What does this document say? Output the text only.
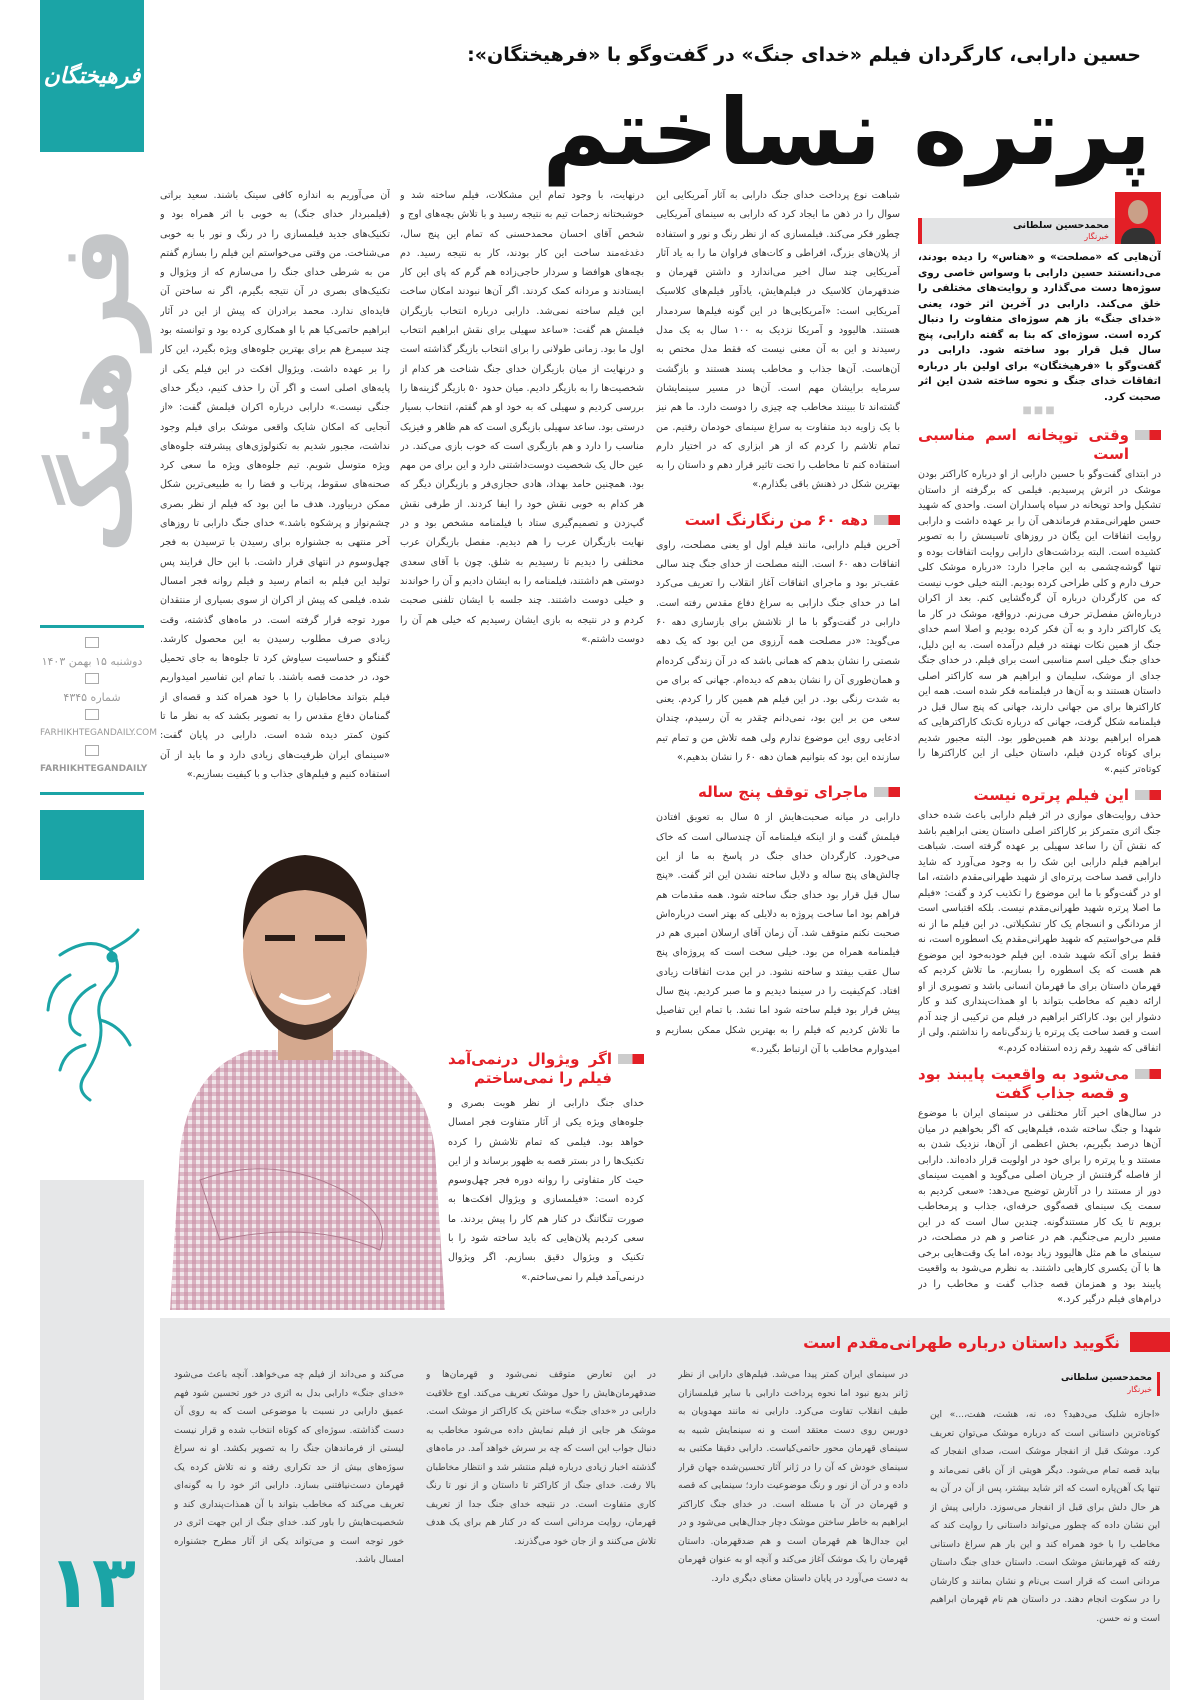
فرهیختگان
فرهنگ
دوشنبه ۱۵ بهمن ۱۴۰۳
شماره ۴۳۴۵
FARHIKHTEGANDAILY.COM
FARHIKHTEGANDAILY
۱۳
حسین دارابی، کارگردان فیلم «خدای جنگ» در گفت‌وگو با «فرهیختگان»:
پرتره نساختم
محمدحسین سلطانی
خبرنگار

آن‌هایی که «مصلحت» و «هناس» را دیده بودند، می‌دانستند حسین دارابی با وسواس خاصی روی سوژه‌ها دست می‌گذارد و روایت‌های مختلفی را خلق می‌کند. دارابی در آخرین اثر خود، یعنی «خدای جنگ» باز هم سوژه‌ای متفاوت را دنبال کرده است. سوژه‌ای که بنا به گفته دارابی، پنج سال قبل قرار بود ساخته شود. دارابی در گفت‌وگو با «فرهیختگان» برای اولین بار درباره اتفاقات خدای جنگ و نحوه ساخته شدن این اثر صحبت کرد.

■■■
وقتی توپخانه اسم مناسبی است

در ابتدای گفت‌وگو با حسین دارابی از او درباره کاراکتر بودن موشک در اثرش پرسیدیم. فیلمی که برگرفته از داستان تشکیل واحد توپخانه در سپاه پاسداران است. واحدی که شهید حسن طهرانی‌مقدم فرماندهی آن را بر عهده داشت و دارابی روایت اتفاقات این یگان در روزهای تاسیسش را به تصویر کشیده است. البته برداشت‌های دارابی روایت اتفاقات بوده و تنها گوشه‌چشمی به این ماجرا دارد: «درباره موشک کلی حرف دارم و کلی طراحی کرده بودیم. البته خیلی خوب نیست که من کارگردان درباره آن گره‌گشایی کنم. بعد از اکران درباره‌اش مفصل‌تر حرف می‌زنم. درواقع، موشک در کار ما یک کاراکتر دارد و به آن فکر کرده بودیم و اصلا اسم خدای جنگ از همین نکات نهفته در فیلم درآمده است. به این دلیل، خدای جنگ خیلی اسم مناسبی است برای فیلم. در خدای جنگ جدای از موشک، سلیمان و ابراهیم هر سه کاراکتر اصلی داستان هستند و به آن‌ها در فیلمنامه فکر شده است. همه این کاراکترها برای من جهانی دارند، جهانی که پنج سال قبل در فیلمنامه شکل گرفت، جهانی که درباره تک‌تک کاراکترهایی که همراه ابراهیم بودند هم همین‌طور بود. البته مجبور شدیم برای کوتاه کردن فیلم، داستان خیلی از این کاراکترها را کوتاه‌تر کنیم.»

این فیلم پرتره نیست

حذف روایت‌های موازی در اثر فیلم دارابی باعث شده خدای جنگ اثری متمرکز بر کاراکتر اصلی داستان یعنی ابراهیم باشد که نقش آن را ساعد سهیلی بر عهده گرفته است. شباهت ابراهیم فیلم دارابی این شک را به وجود می‌آورد که شاید دارابی قصد ساخت پرتره‌ای از شهید طهرانی‌مقدم داشته، اما او در گفت‌وگو با ما این موضوع را تکذیب کرد و گفت: «فیلم ما اصلا پرتره شهید طهرانی‌مقدم نیست. بلکه اقتباسی است از مردانگی و انسجام یک کار تشکیلاتی. در این فیلم ما از نه قلم می‌خواستیم که شهید طهرانی‌مقدم یک اسطوره است، نه فقط برای آنکه شهید شده. این فیلم خودبه‌خود این موضوع هم هست که یک اسطوره را بسازیم. ما تلاش کردیم که قهرمان داستان برای ما قهرمان انسانی باشد و تصویری از او ارائه دهیم که مخاطب بتواند با او همذات‌پنداری کند و کار دشوار این بود. کاراکتر ابراهیم در فیلم من ترکیبی از چند آدم است و قصد ساخت یک پرتره یا زندگی‌نامه را نداشتم. ولی از اتفاقی که شهید رقم زده استفاده کردم.»

می‌شود به واقعیت پایبند بود و قصه جذاب گفت

در سال‌های اخیر آثار مختلفی در سینمای ایران با موضوع شهدا و جنگ ساخته شده، فیلم‌هایی که اگر بخواهیم در میان آن‌ها درصد بگیریم، بخش اعظمی از آن‌ها، نزدیک شدن به مستند و یا پرتره را برای خود در اولویت قرار داده‌اند. دارابی از فاصله گرفتنش از جریان اصلی می‌گوید و اهمیت سینمای دور از مستند را در آثارش توضیح می‌دهد: «سعی کردیم به سمت یک سینمای قصه‌گوی حرفه‌ای، جذاب و پرمخاطب برویم تا یک کار مستندگونه. چندین سال است که در این مسیر داریم می‌جنگیم. هم در عناصر و هم در مصلحت، در سینمای ما هم مثل هالیوود زیاد بوده، اما یک وقت‌هایی برخی ها با آن یکسری کارهایی داشتند. به نظرم می‌شود به واقعیت پایبند بود و همزمان قصه جذاب گفت و مخاطب را در درام‌های فیلم درگیر کرد.»

شباهت نوع پرداخت خدای جنگ دارابی به آثار آمریکایی این سوال را در ذهن ما ایجاد کرد که دارابی به سینمای آمریکایی چطور فکر می‌کند. فیلمسازی که از نظر رنگ و نور و استفاده از پلان‌های بزرگ، افراطی و کات‌های فراوان ما را به یاد آثار آمریکایی چند سال اخیر می‌اندازد و داشتن قهرمان و ضدقهرمان کلاسیک در فیلم‌هایش، یادآور فیلم‌های کلاسیک آمریکایی است: «آمریکایی‌ها در این گونه فیلم‌ها سردمدار هستند. هالیوود و آمریکا نزدیک به ۱۰۰ سال به یک مدل رسیدند و این به آن معنی نیست که فقط مدل مختص به آن‌هاست. آن‌ها جذاب و مخاطب پسند هستند و بازگشت سرمایه برایشان مهم است. آن‌ها در مسیر سینمایشان گشته‌اند تا ببینند مخاطب چه چیزی را دوست دارد. ما هم نیز با یک زاویه دید متفاوت به سراغ سینمای خودمان رفتیم. من تمام تلاشم را کردم که از هر ابزاری که در اختیار دارم استفاده کنم تا مخاطب را تحت تاثیر قرار دهم و داستان را به بهترین شکل در ذهنش باقی بگذارم.»

دهه ۶۰ من رنگارنگ است

آخرین فیلم دارابی، مانند فیلم اول او یعنی مصلحت، راوی اتفاقات دهه ۶۰ است. البته مصلحت از خدای جنگ چند سالی عقب‌تر بود و ماجرای اتفاقات آغاز انقلاب را تعریف می‌کرد اما در خدای جنگ دارابی به سراغ دفاع مقدس رفته است. دارابی در گفت‌وگو با ما از تلاشش برای بازسازی دهه ۶۰ می‌گوید: «در مصلحت همه آرزوی من این بود که یک دهه شصتی را نشان بدهم که همانی باشد که در آن زندگی کرده‌ام و همان‌طوری آن را نشان بدهم که دیده‌ام. جهانی که برای من به شدت رنگی بود. در این فیلم هم همین کار را کردم. یعنی سعی من بر این بود، نمی‌دانم چقدر به آن رسیدم، چندان ادعایی روی این موضوع ندارم ولی همه تلاش من و تمام تیم سازنده این بود که بتوانیم همان دهه ۶۰ را نشان بدهیم.»

ماجرای توقف پنج ساله

دارابی در میانه صحبت‌هایش از ۵ سال به تعویق افتادن فیلمش گفت و از اینکه فیلمنامه آن چندسالی است که خاک می‌خورد. کارگردان خدای جنگ در پاسخ به ما از این چالش‌های پنج ساله و دلایل ساخته نشدن این اثر گفت. «پنج سال قبل قرار بود خدای جنگ ساخته شود. همه مقدمات هم فراهم بود اما ساخت پروژه به دلایلی که بهتر است درباره‌اش صحبت نکنم متوقف شد. آن زمان آقای ارسلان امیری هم در فیلمنامه همراه من بود. خیلی سخت است که پروژه‌ای پنج سال عقب بیفتد و ساخته نشود. در این مدت اتفاقات زیادی افتاد. کم‌کیفیت را در سینما دیدیم و ما صبر کردیم. پنج سال پیش قرار بود فیلم ساخته شود اما نشد. با تمام این تفاصیل ما تلاش کردیم که فیلم را به بهترین شکل ممکن بسازیم و امیدوارم مخاطب با آن ارتباط بگیرد.»

درنهایت، با وجود تمام این مشکلات، فیلم ساخته شد و خوشبختانه زحمات تیم به نتیجه رسید و با تلاش بچه‌های اوج و شخص آقای احسان محمدحسنی که تمام این پنج سال، دغدغه‌مند ساخت این کار بودند، کار به نتیجه رسید. دم بچه‌های هوافضا و سردار حاجی‌زاده هم گرم که پای این کار ایستادند و مردانه کمک کردند. اگر آن‌ها نبودند امکان ساخت این فیلم ساخته نمی‌شد. دارابی درباره انتخاب بازیگران فیلمش هم گفت: «ساعد سهیلی برای نقش ابراهیم انتخاب اول ما بود. زمانی طولانی را برای انتخاب بازیگر گذاشته است و درنهایت از میان بازیگران خدای جنگ شناخت هر کدام از شخصیت‌ها را به بازیگر دادیم. میان حدود ۵۰ بازیگر گزینه‌ها را بررسی کردیم و سهیلی که به خود او هم گفتم، انتخاب بسیار درستی بود. ساعد سهیلی بازیگری است که هم ظاهر و فیزیک مناسب را دارد و هم بازیگری است که خوب بازی می‌کند. در عین حال یک شخصیت دوست‌داشتنی دارد و این برای من مهم بود. همچنین حامد بهداد، هادی حجازی‌فر و بازیگران دیگر که هر کدام به خوبی نقش خود را ایفا کردند. از طرفی نقش گپ‌زدن و تصمیم‌گیری ستاد با فیلمنامه مشخص بود و در نهایت بازیگران عرب را هم دیدیم. مفصل بازیگران عرب مختلفی را دیدیم تا رسیدیم به شلق. چون با آقای سعدی دوستی هم داشتند، فیلمنامه را به ایشان دادیم و آن را خواندند و خیلی دوست داشتند. چند جلسه با ایشان تلفنی صحبت کردم و در نتیجه به بازی ایشان رسیدیم که خیلی هم آن را دوست داشتم.»

اگر ویژوال درنمی‌آمد فیلم را نمی‌ساختم

خدای جنگ دارابی از نظر هویت بصری و جلوه‌های ویژه یکی از آثار متفاوت فجر امسال خواهد بود. فیلمی که تمام تلاشش را کرده تکنیک‌ها را در بستر قصه به ظهور برساند و از این حیث کار متفاوتی را روانه دوره فجر چهل‌وسوم کرده است: «فیلمسازی و ویژوال افکت‌ها به صورت تنگاتنگ در کنار هم کار را پیش بردند. ما سعی کردیم پلان‌هایی که باید ساخته شود را با تکنیک و ویژوال دقیق بسازیم. اگر ویژوال درنمی‌آمد فیلم را نمی‌ساختم.»

آن می‌آوریم به اندازه کافی سینک باشند. سعید براتی (فیلمبردار خدای جنگ) به خوبی با اثر همراه بود و تکنیک‌های جدید فیلمسازی را در رنگ و نور با به خوبی می‌شناخت. من وقتی می‌خواستم این فیلم را بسازم گفتم من به شرطی خدای جنگ را می‌سازم که از ویژوال و تکنیک‌های بصری در آن نتیجه بگیرم، اگر نه ساختن آن فایده‌ای ندارد. محمد برادران که پیش از این در آثار ابراهیم حاتمی‌کیا هم با او همکاری کرده بود و توانسته بود چند سیمرغ هم برای بهترین جلوه‌های ویژه بگیرد، این کار را بر عهده داشت. ویژوال افکت در این فیلم یکی از پایه‌های اصلی است و اگر آن را حذف کنیم، دیگر خدای جنگی نیست.» دارابی درباره اکران فیلمش گفت: «از آنجایی که امکان شایک واقعی موشک برای فیلم وجود نداشت، مجبور شدیم به تکنولوژی‌های پیشرفته جلوه‌های ویژه متوسل شویم. تیم جلوه‌های ویژه ما سعی کرد صحنه‌های سقوط، پرتاب و فضا را به طبیعی‌ترین شکل ممکن دربیاورد. هدف ما این بود که فیلم از نظر بصری چشم‌نواز و پرشکوه باشد.» خدای جنگ دارابی تا روزهای آخر منتهی به جشنواره برای رسیدن با ترسیدن به فجر چهل‌وسوم در انتهای قرار داشت. با این حال فرایند پس تولید این فیلم به اتمام رسید و فیلم روانه فجر امسال شده. فیلمی که پیش از اکران از سوی بسیاری از منتقدان مورد توجه قرار گرفته است. در ماه‌های گذشته، وقت زیادی صرف مطلوب رسیدن به این محصول کارشد. گفتگو و حساسیت سیاوش کرد تا جلوه‌ها به جای تحمیل خود، در خدمت قصه باشند. با تمام این تفاسیر امیدواریم فیلم بتواند مخاطبان را با خود همراه کند و قصه‌ای از گمنامان دفاع مقدس را به تصویر بکشد که به نظر ما تا کنون کمتر دیده شده است. دارابی در پایان گفت: «سینمای ایران ظرفیت‌های زیادی دارد و ما باید از آن استفاده کنیم و فیلم‌های جذاب و با کیفیت بسازیم.»

نگویید داستان درباره طهرانی‌مقدم است
محمدحسین سلطانی
خبرنگار

«اجازه شلیک می‌دهید؟ ده، نه، هشت، هفت،...» این کوتاه‌ترین داستانی است که درباره موشک می‌توان تعریف کرد. موشک قبل از انفجار موشک است، صدای انفجار که بیاید قصه تمام می‌شود. دیگر هویتی از آن باقی نمی‌ماند و تنها یک آهن‌پاره است که اثر شاید بیشتر، پس از آن در آن به هر حال دلش برای قبل از انفجار می‌سوزد. دارابی پیش از این نشان داده که چطور می‌تواند داستانی را روایت کند که مخاطب را با خود همراه کند و این بار هم سراغ داستانی رفته که قهرمانش موشک است. داستان خدای جنگ داستان مردانی است که قرار است بی‌نام و نشان بمانند و کارشان را در سکوت انجام دهند. در داستان هم نام قهرمان ابراهیم است و نه حسن.

در سینمای ایران کمتر پیدا می‌شد. فیلم‌های دارابی از نظر ژانر بدیع نبود اما نحوه پرداخت دارابی با سایر فیلمسازان طیف انقلاب تفاوت می‌کرد. دارابی نه مانند مهدویان به دوربین روی دست معتقد است و نه سینمایش شبیه به سینمای قهرمان محور حاتمی‌کیاست. دارابی دقیقا مکتبی به سینمای خودش که آن را در ژانر آثار تحسین‌شده جهان قرار داده و در آن از نور و رنگ موضوعیت دارد؛ سینمایی که قصه و قهرمان در آن با مسئله است. در خدای جنگ کاراکتر ابراهیم به خاطر ساختن موشک دچار جدال‌هایی می‌شود و در این جدال‌ها هم قهرمان است و هم ضدقهرمان. داستان قهرمان را یک موشک آغاز می‌کند و آنچه او به عنوان قهرمان به دست می‌آورد در پایان داستان معنای دیگری دارد.

در این تعارض متوقف نمی‌شود و قهرمان‌ها و ضدقهرمان‌هایش را حول موشک تعریف می‌کند. اوج خلاقیت دارابی در «خدای جنگ» ساختن یک کاراکتر از موشک است. موشک هر جایی از فیلم نمایش داده می‌شود مخاطب به دنبال جواب این است که چه بر سرش خواهد آمد. در ماه‌های گذشته اخبار زیادی درباره فیلم منتشر شد و انتظار مخاطبان بالا رفت. خدای جنگ از کاراکتر تا داستان و از نور تا رنگ کاری متفاوت است. در نتیجه خدای جنگ جدا از تعریف قهرمان، روایت مردانی است که در کنار هم برای یک هدف تلاش می‌کنند و از جان خود می‌گذرند.

می‌کند و می‌داند از فیلم چه می‌خواهد. آنچه باعث می‌شود «خدای جنگ» دارابی بدل به اثری در خور تحسین شود فهم عمیق دارابی در نسبت با موضوعی است که به روی آن دست گذاشته. سوژه‌ای که کوتاه انتخاب شده و قرار نیست لیستی از فرماندهان جنگ را به تصویر بکشد. او نه سراغ سوژه‌های بیش از حد تکراری رفته و نه تلاش کرده یک قهرمان دست‌نیافتنی بسازد. دارابی اثر خود را به گونه‌ای تعریف می‌کند که مخاطب بتواند با آن همذات‌پنداری کند و شخصیت‌هایش را باور کند. خدای جنگ از این جهت اثری در خور توجه است و می‌تواند یکی از آثار مطرح جشنواره امسال باشد.
